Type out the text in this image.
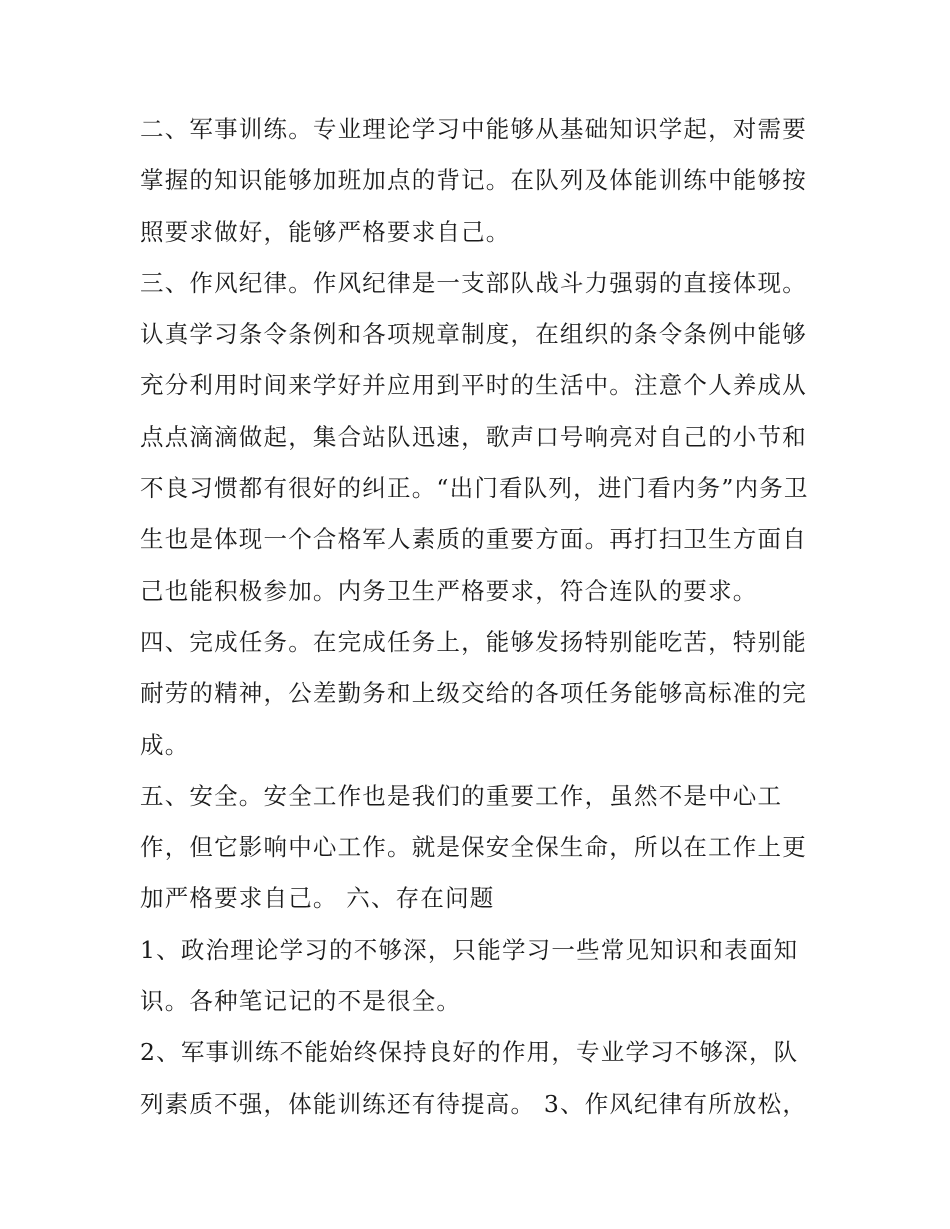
二、军事训练。专业理论学习中能够从基础知识学起，对需要
掌握的知识能够加班加点的背记。在队列及体能训练中能够按
照要求做好，能够严格要求自己。
三、作风纪律。作风纪律是一支部队战斗力强弱的直接体现。
认真学习条令条例和各项规章制度，在组织的条令条例中能够
充分利用时间来学好并应用到平时的生活中。注意个人养成从
点点滴滴做起，集合站队迅速，歌声口号响亮对自己的小节和
不良习惯都有很好的纠正。“出门看队列，进门看内务”内务卫
生也是体现一个合格军人素质的重要方面。再打扫卫生方面自
己也能积极参加。内务卫生严格要求，符合连队的要求。
四、完成任务。在完成任务上，能够发扬特别能吃苦，特别能
耐劳的精神，公差勤务和上级交给的各项任务能够高标准的完
成。
五、安全。安全工作也是我们的重要工作，虽然不是中心工
作，但它影响中心工作。就是保安全保生命，所以在工作上更
加严格要求自己。 六、存在问题
1、政治理论学习的不够深，只能学习一些常见知识和表面知
识。各种笔记记的不是很全。
2、军事训练不能始终保持良好的作用，专业学习不够深，队
列素质不强，体能训练还有待提高。 3、作风纪律有所放松，
